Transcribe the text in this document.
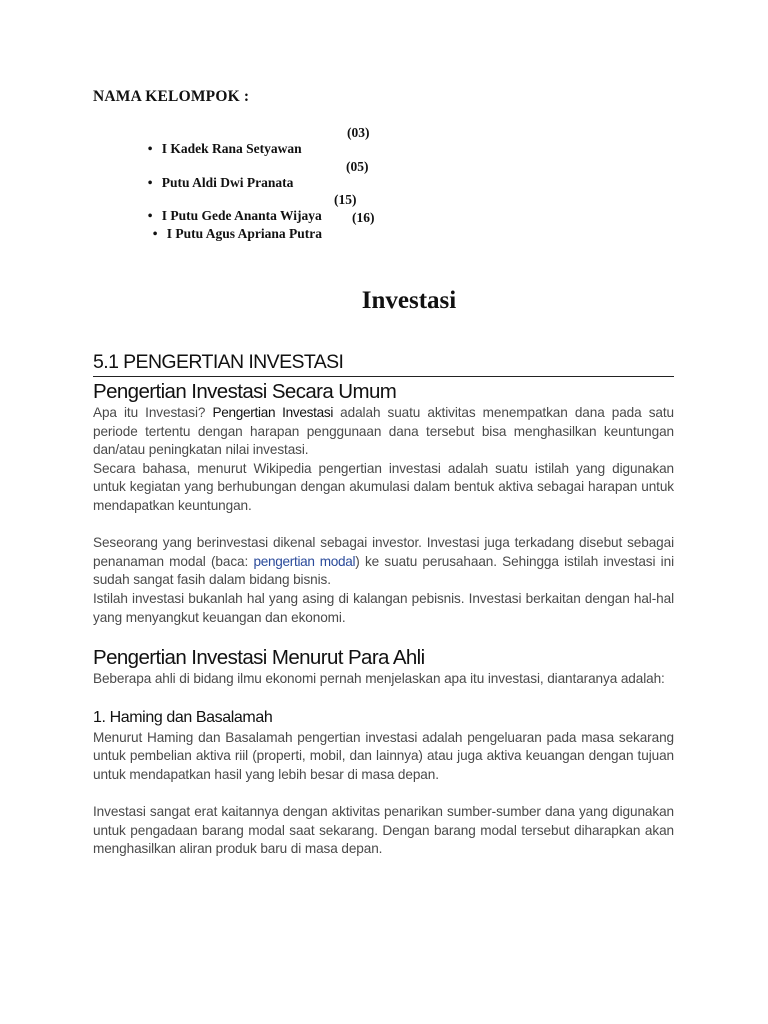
NAMA KELOMPOK :

• I Kadek Rana Setyawan
(03)

• Putu Aldi Dwi Pranata
(05)

• I Putu Gede Ananta Wijaya
(15)

• I Putu Agus Apriana Putra
(16)

Investasi
5.1 PENGERTIAN INVESTASI
Pengertian Investasi Secara Umum

Apa itu Investasi? Pengertian Investasi adalah suatu aktivitas menempatkan dana pada satu periode tertentu dengan harapan penggunaan dana tersebut bisa menghasilkan keuntungan dan/atau peningkatan nilai investasi.

Secara bahasa, menurut Wikipedia pengertian investasi adalah suatu istilah yang digunakan untuk kegiatan yang berhubungan dengan akumulasi dalam bentuk aktiva sebagai harapan untuk mendapatkan keuntungan.

Seseorang yang berinvestasi dikenal sebagai investor. Investasi juga terkadang disebut sebagai penanaman modal (baca: pengertian modal) ke suatu perusahaan. Sehingga istilah investasi ini sudah sangat fasih dalam bidang bisnis.

Istilah investasi bukanlah hal yang asing di kalangan pebisnis. Investasi berkaitan dengan hal-hal yang menyangkut keuangan dan ekonomi.

Pengertian Investasi Menurut Para Ahli

Beberapa ahli di bidang ilmu ekonomi pernah menjelaskan apa itu investasi, diantaranya adalah:

1. Haming dan Basalamah

Menurut Haming dan Basalamah pengertian investasi adalah pengeluaran pada masa sekarang untuk pembelian aktiva riil (properti, mobil, dan lainnya) atau juga aktiva keuangan dengan tujuan untuk mendapatkan hasil yang lebih besar di masa depan.

Investasi sangat erat kaitannya dengan aktivitas penarikan sumber-sumber dana yang digunakan untuk pengadaan barang modal saat sekarang. Dengan barang modal tersebut diharapkan akan menghasilkan aliran produk baru di masa depan.
